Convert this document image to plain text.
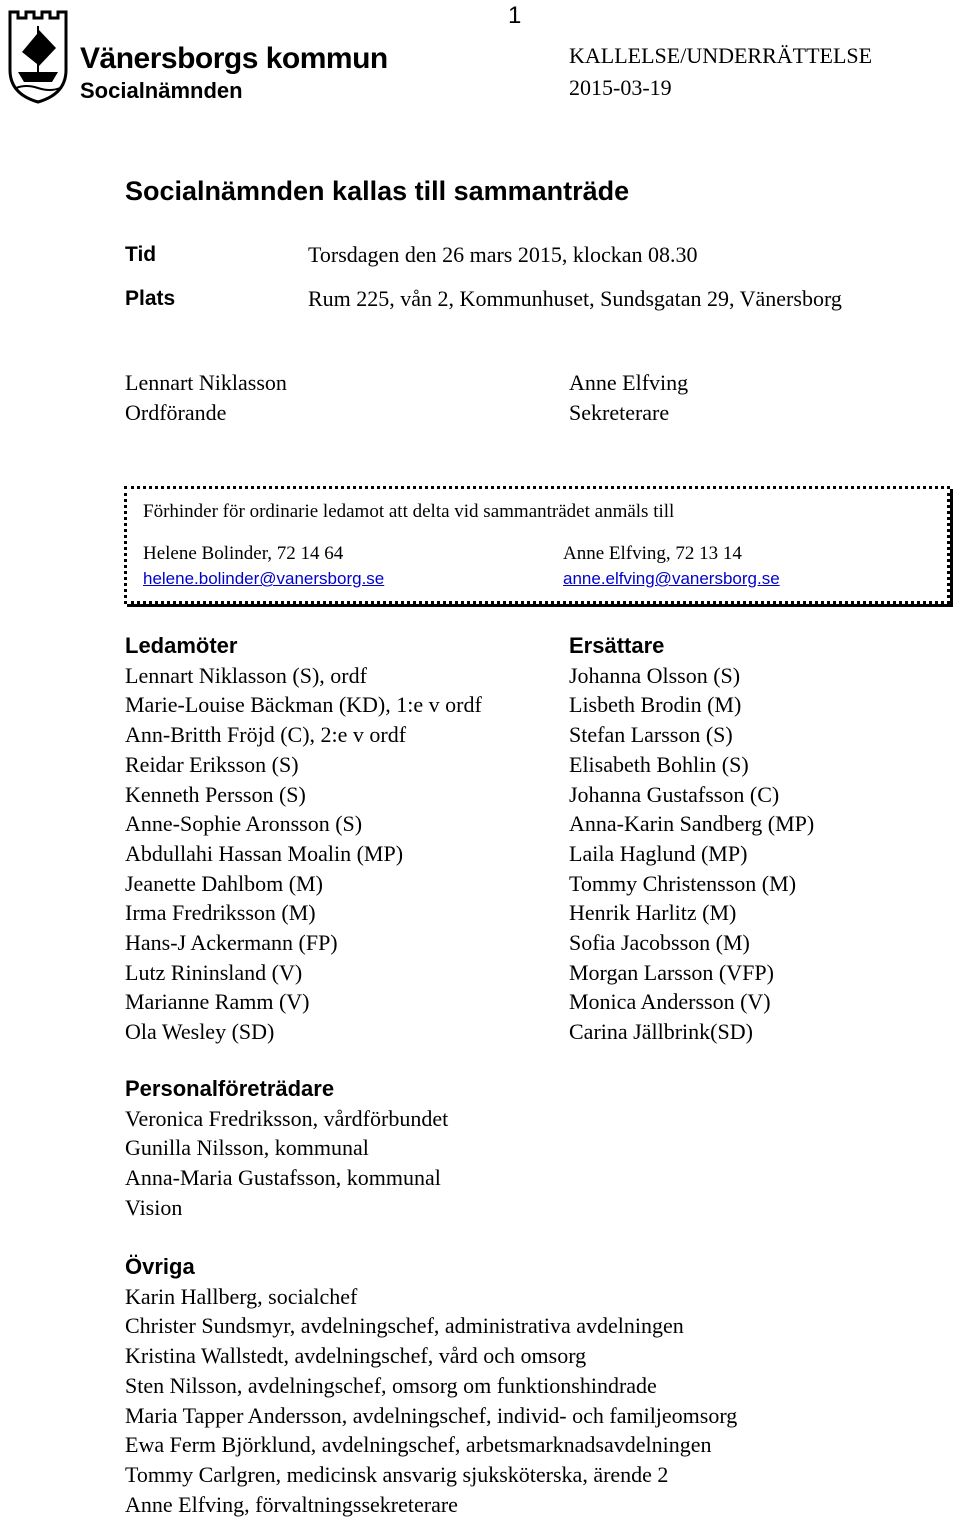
1
Vänersborgs kommun
Socialnämnden
KALLELSE/UNDERRÄTTELSE
2015-03-19
Socialnämnden kallas till sammanträde
Tid	Torsdagen den 26 mars 2015, klockan 08.30
Plats	Rum 225, vån 2, Kommunhuset, Sundsgatan 29, Vänersborg
Lennart Niklasson
Ordförande
Anne Elfving
Sekreterare
Förhinder för ordinarie ledamot att delta vid sammanträdet anmäls till
Helene Bolinder, 72 14 64
helene.bolinder@vanersborg.se
Anne Elfving, 72 13 14
anne.elfving@vanersborg.se
Ledamöter
Lennart Niklasson (S), ordf
Marie-Louise Bäckman (KD), 1:e v ordf
Ann-Britth Fröjd (C), 2:e v ordf
Reidar Eriksson (S)
Kenneth Persson (S)
Anne-Sophie Aronsson (S)
Abdullahi Hassan Moalin (MP)
Jeanette Dahlbom (M)
Irma Fredriksson (M)
Hans-J Ackermann (FP)
Lutz Rininsland (V)
Marianne Ramm (V)
Ola Wesley (SD)
Ersättare
Johanna Olsson (S)
Lisbeth Brodin (M)
Stefan Larsson (S)
Elisabeth Bohlin (S)
Johanna Gustafsson (C)
Anna-Karin Sandberg (MP)
Laila Haglund (MP)
Tommy Christensson (M)
Henrik Harlitz (M)
Sofia Jacobsson (M)
Morgan Larsson (VFP)
Monica Andersson (V)
Carina Jällbrink(SD)
Personalföreträdare
Veronica Fredriksson, vårdförbundet
Gunilla Nilsson, kommunal
Anna-Maria Gustafsson, kommunal
Vision
Övriga
Karin Hallberg, socialchef
Christer Sundsmyr, avdelningschef, administrativa avdelningen
Kristina Wallstedt, avdelningschef, vård och omsorg
Sten Nilsson, avdelningschef, omsorg om funktionshindrade
Maria Tapper Andersson, avdelningschef, individ- och familjeomsorg
Ewa Ferm Björklund, avdelningschef, arbetsmarknadsavdelningen
Tommy Carlgren, medicinsk ansvarig sjuksköterska, ärende 2
Anne Elfving, förvaltningssekreterare
